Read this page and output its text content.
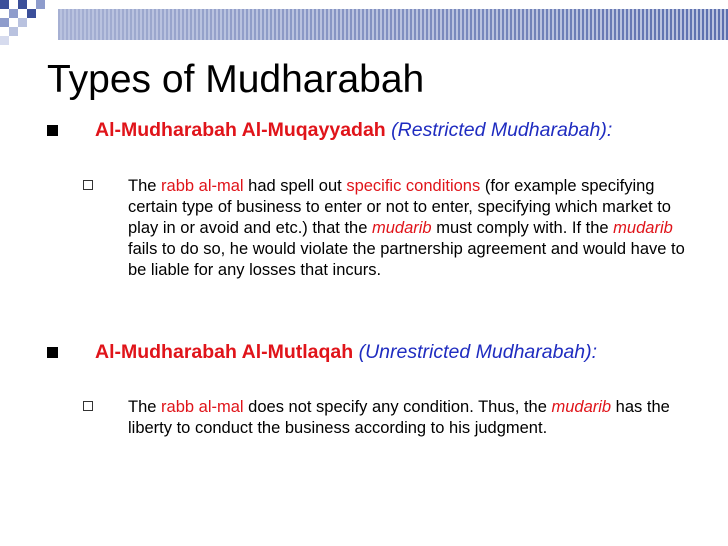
Types of Mudharabah
Al-Mudharabah Al-Muqayyadah (Restricted Mudharabah):
The rabb al-mal had spell out specific conditions (for example specifying certain type of business to enter or not to enter, specifying which market to play in or avoid and etc.) that the mudarib must comply with. If the mudarib fails to do so, he would violate the partnership agreement and would have to be liable for any losses that incurs.
Al-Mudharabah Al-Mutlaqah (Unrestricted Mudharabah):
The rabb al-mal does not specify any condition. Thus, the mudarib has the liberty to conduct the business according to his judgment.
